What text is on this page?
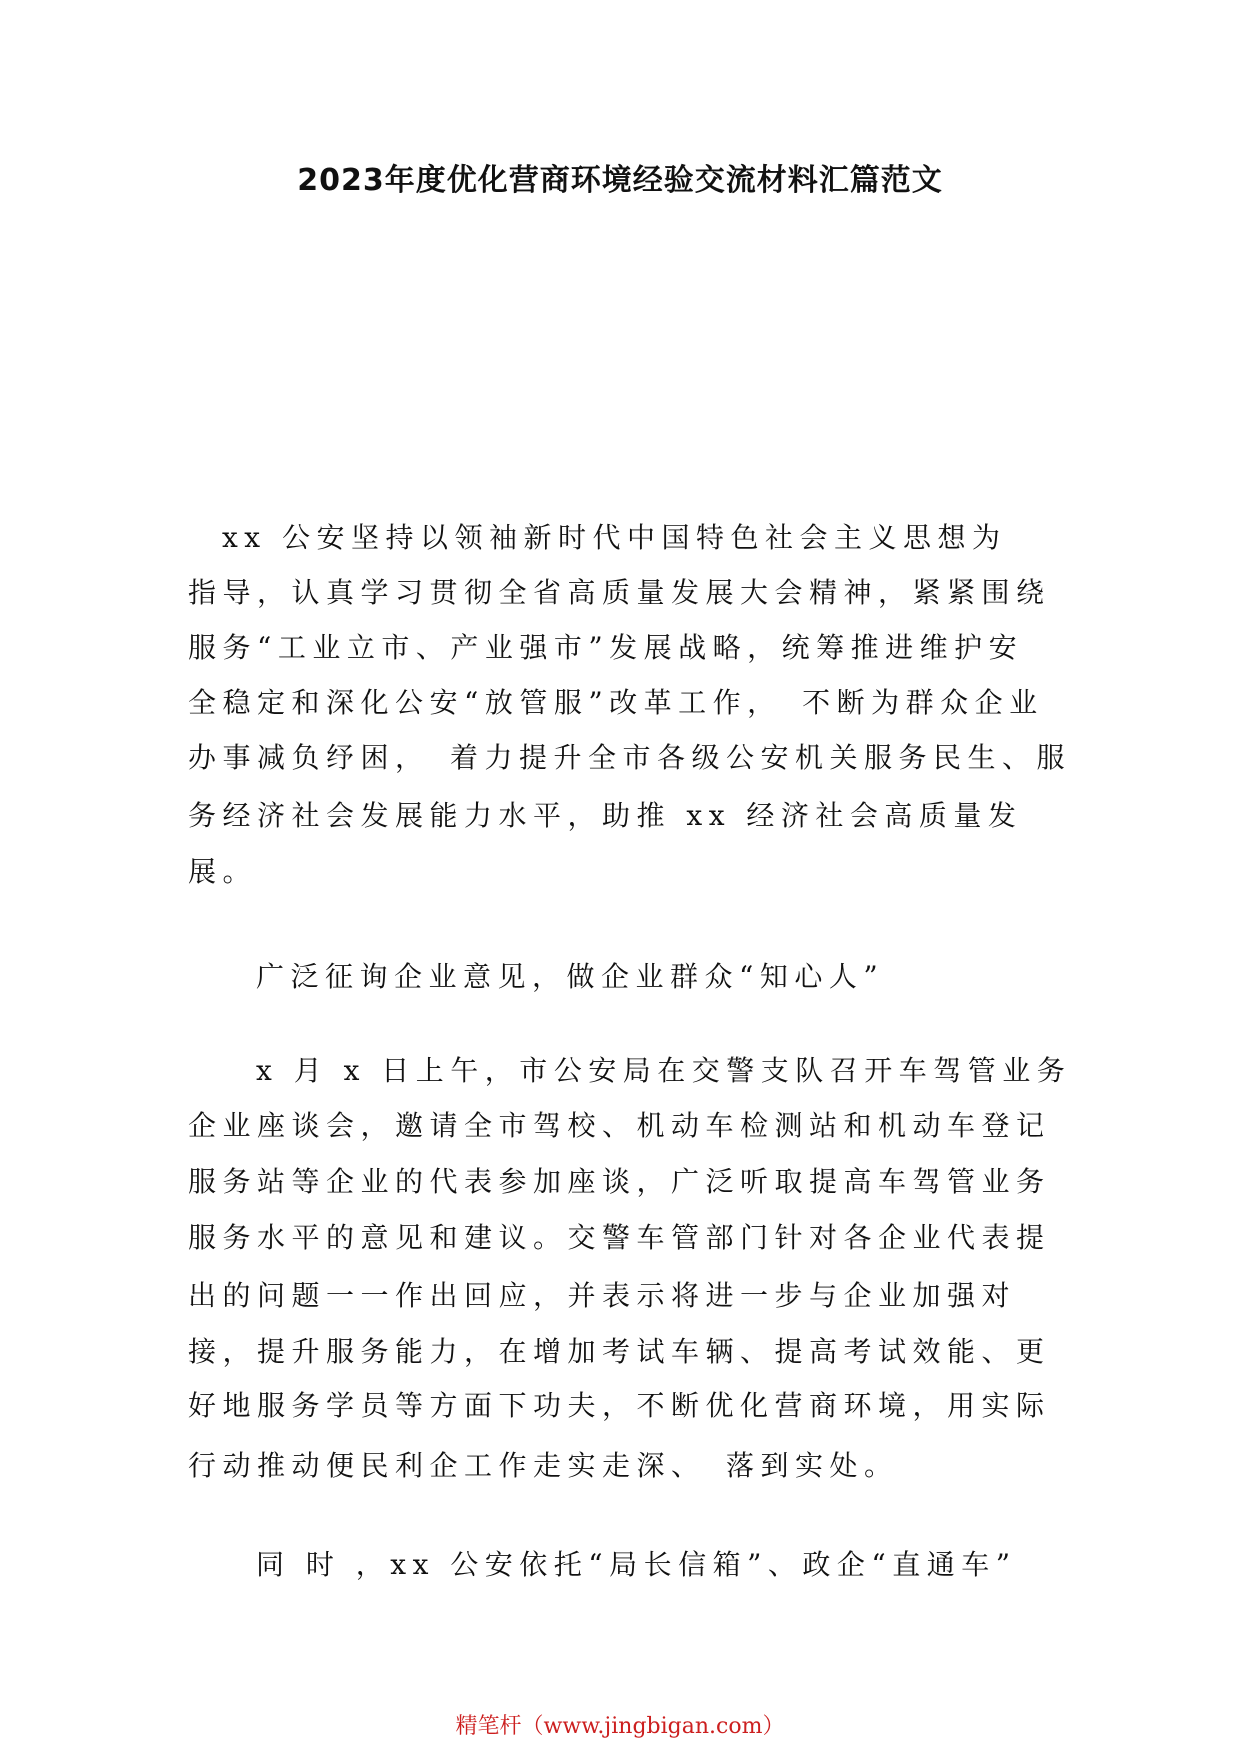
2023年度优化营商环境经验交流材料汇篇范文
xx 公安坚持以领袖新时代中国特色社会主义思想为
指导，认真学习贯彻全省高质量发展大会精神，紧紧围绕
服务“工业立市、产业强市”发展战略，统筹推进维护安
全稳定和深化公安“放管服”改革工作，　不断为群众企业
办事减负纾困，　着力提升全市各级公安机关服务民生、服
务经济社会发展能力水平，助推 xx 经济社会高质量发
展。
广泛征询企业意见，做企业群众“知心人”
x 月 x 日上午，市公安局在交警支队召开车驾管业务
企业座谈会，邀请全市驾校、机动车检测站和机动车登记
服务站等企业的代表参加座谈，广泛听取提高车驾管业务
服务水平的意见和建议。交警车管部门针对各企业代表提
出的问题一一作出回应，并表示将进一步与企业加强对
接，提升服务能力，在增加考试车辆、提高考试效能、更
好地服务学员等方面下功夫，不断优化营商环境，用实际
行动推动便民利企工作走实走深、　落到实处。
同 时 ，xx 公安依托“局长信箱”、政企“直通车”
精笔杆（www.jingbigan.com）
